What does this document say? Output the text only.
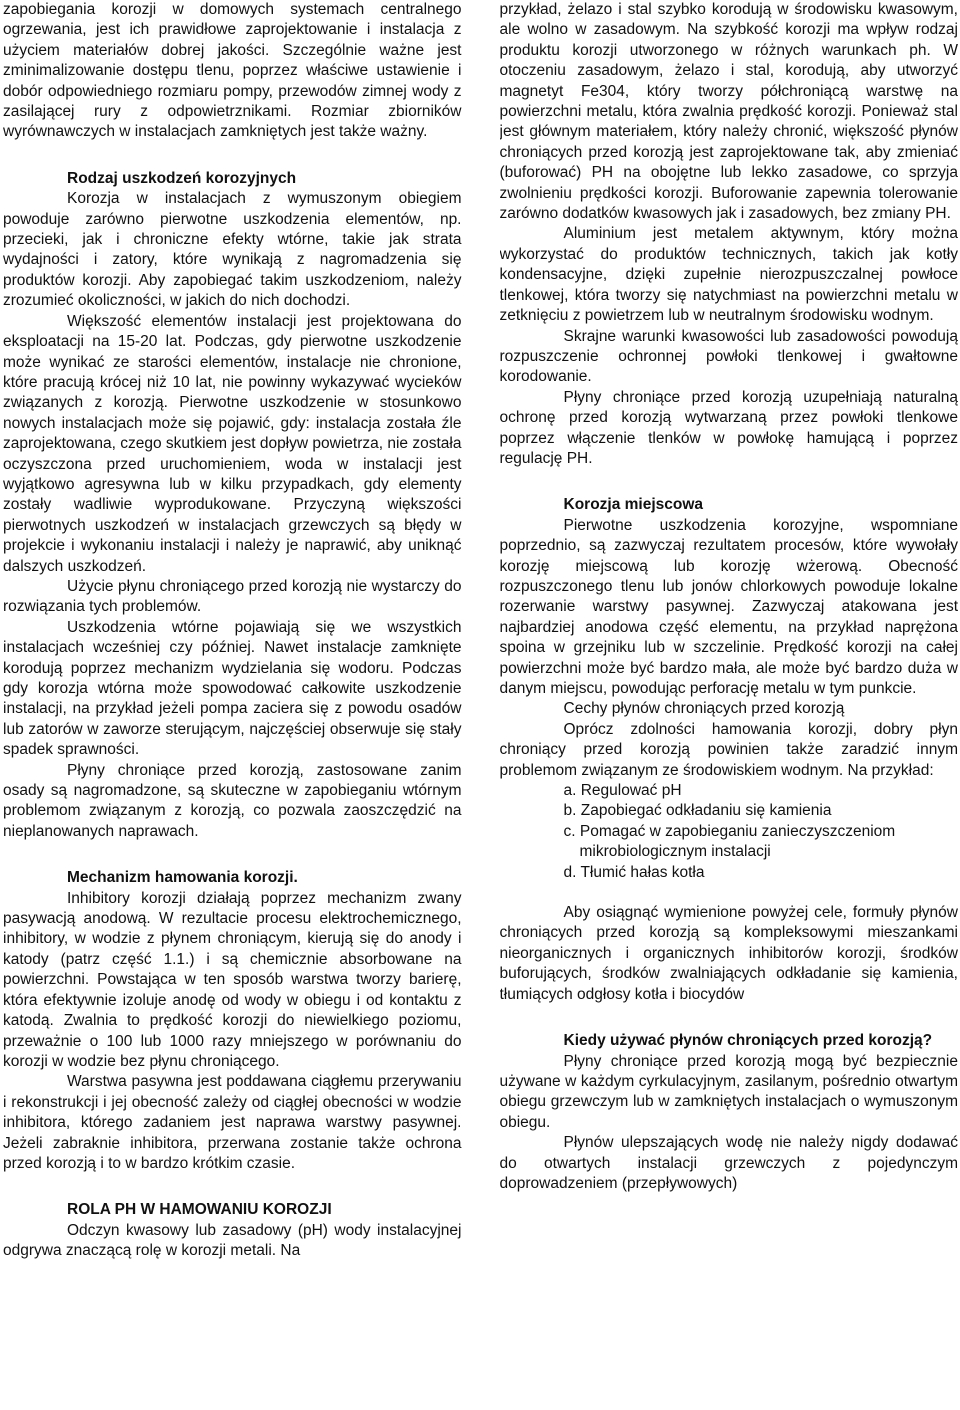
zapobiegania korozji w domowych systemach centralnego ogrzewania, jest ich prawidłowe zaprojektowanie i instalacja z użyciem materiałów dobrej jakości. Szczególnie ważne jest zminimalizowanie dostępu tlenu, poprzez właściwe ustawienie i dobór odpowiedniego rozmiaru pompy, przewodów zimnej wody z zasilającej rury z odpowietrznikami. Rozmiar zbiorników wyrównawczych w instalacjach zamkniętych jest także ważny.

Rodzaj uszkodzeń korozyjnych

Korozja w instalacjach z wymuszonym obiegiem powoduje zarówno pierwotne uszkodzenia elementów, np. przecieki, jak i chroniczne efekty wtórne, takie jak strata wydajności i zatory, które wynikają z nagromadzenia się produktów korozji. Aby zapobiegać takim uszkodzeniom, należy zrozumieć okoliczności, w jakich do nich dochodzi.

Większość elementów instalacji jest projektowana do eksploatacji na 15-20 lat. Podczas, gdy pierwotne uszkodzenie może wynikać ze starości elementów, instalacje nie chronione, które pracują krócej niż 10 lat, nie powinny wykazywać wycieków związanych z korozją. Pierwotne uszkodzenie w stosunkowo nowych instalacjach może się pojawić, gdy: instalacja została źle zaprojektowana, czego skutkiem jest dopływ powietrza, nie została oczyszczona przed uruchomieniem, woda w instalacji jest wyjątkowo agresywna lub w kilku przypadkach, gdy elementy zostały wadliwie wyprodukowane. Przyczyną większości pierwotnych uszkodzeń w instalacjach grzewczych są błędy w projekcie i wykonaniu instalacji i należy je naprawić, aby uniknąć dalszych uszkodzeń.

Użycie płynu chroniącego przed korozją nie wystarczy do rozwiązania tych problemów.

Uszkodzenia wtórne pojawiają się we wszystkich instalacjach wcześniej czy później. Nawet instalacje zamknięte korodują poprzez mechanizm wydzielania się wodoru. Podczas gdy korozja wtórna może spowodować całkowite uszkodzenie instalacji, na przykład jeżeli pompa zaciera się z powodu osadów lub zatorów w zaworze sterującym, najczęściej obserwuje się stały spadek sprawności.

Płyny chroniące przed korozją, zastosowane zanim osady są nagromadzone, są skuteczne w zapobieganiu wtórnym problemom związanym z korozją, co pozwala zaoszczędzić na nieplanowanych naprawach.

Mechanizm hamowania korozji.

Inhibitory korozji działają poprzez mechanizm zwany pasywacją anodową. W rezultacie procesu elektrochemicznego, inhibitory, w wodzie z płynem chroniącym, kierują się do anody i katody (patrz część 1.1.) i są chemicznie absorbowane na powierzchni. Powstająca w ten sposób warstwa tworzy barierę, która efektywnie izoluje anodę od wody w obiegu i od kontaktu z katodą. Zwalnia to prędkość korozji do niewielkiego poziomu, przeważnie o 100 lub 1000 razy mniejszego w porównaniu do korozji w wodzie bez płynu chroniącego.

Warstwa pasywna jest poddawana ciągłemu przerywaniu i rekonstrukcji i jej obecność zależy od ciągłej obecności w wodzie inhibitora, którego zadaniem jest naprawa warstwy pasywnej. Jeżeli zabraknie inhibitora, przerwana zostanie także ochrona przed korozją i to w bardzo krótkim czasie.

ROLA PH W HAMOWANIU KOROZJI

Odczyn kwasowy lub zasadowy (pH) wody instalacyjnej odgrywa znaczącą rolę w korozji metali. Na

przykład, żelazo i stal szybko korodują w środowisku kwasowym, ale wolno w zasadowym. Na szybkość korozji ma wpływ rodzaj produktu korozji utworzonego w różnych warunkach ph. W otoczeniu zasadowym, żelazo i stal, korodują, aby utworzyć magnetyt Fe304, który tworzy półchroniącą warstwę na powierzchni metalu, która zwalnia prędkość korozji. Ponieważ stal jest głównym materiałem, który należy chronić, większość płynów chroniących przed korozją jest zaprojektowane tak, aby zmieniać (buforować) PH na obojętne lub lekko zasadowe, co sprzyja zwolnieniu prędkości korozji. Buforowanie zapewnia tolerowanie zarówno dodatków kwasowych jak i zasadowych, bez zmiany PH.

Aluminium jest metalem aktywnym, który można wykorzystać do produktów technicznych, takich jak kotły kondensacyjne, dzięki zupełnie nierozpuszczalnej powłoce tlenkowej, która tworzy się natychmiast na powierzchni metalu w zetknięciu z powietrzem lub w neutralnym środowisku wodnym.

Skrajne warunki kwasowości lub zasadowości powodują rozpuszczenie ochronnej powłoki tlenkowej i gwałtowne korodowanie.

Płyny chroniące przed korozją uzupełniają naturalną ochronę przed korozją wytwarzaną przez powłoki tlenkowe poprzez włączenie tlenków w powłokę hamującą i poprzez regulację PH.

Korozja miejscowa

Pierwotne uszkodzenia korozyjne, wspomniane poprzednio, są zazwyczaj rezultatem procesów, które wywołały korozję miejscową lub korozję wżerową. Obecność rozpuszczonego tlenu lub jonów chlorkowych powoduje lokalne rozerwanie warstwy pasywnej. Zazwyczaj atakowana jest najbardziej anodowa część elementu, na przykład naprężona spoina w grzejniku lub w szczelinie. Prędkość korozji na całej powierzchni może być bardzo mała, ale może być bardzo duża w danym miejscu, powodując perforację metalu w tym punkcie.

Cechy płynów chroniących przed korozją

Oprócz zdolności hamowania korozji, dobry płyn chroniący przed korozją powinien także zaradzić innym problemom związanym ze środowiskiem wodnym. Na przykład:

a. Regulować pH
b. Zapobiegać odkładaniu się kamienia
c. Pomagać w zapobieganiu zanieczyszczeniom
mikrobiologicznym instalacji
d. Tłumić hałas kotła

Aby osiągnąć wymienione powyżej cele, formuły płynów chroniących przed korozją są kompleksowymi mieszankami nieorganicznych i organicznych inhibitorów korozji, środków buforujących, środków zwalniających odkładanie się kamienia, tłumiących odgłosy kotła i biocydów

Kiedy używać płynów chroniących przed korozją?

Płyny chroniące przed korozją mogą być bezpiecznie używane w każdym cyrkulacyjnym, zasilanym, pośrednio otwartym obiegu grzewczym lub w zamkniętych instalacjach o wymuszonym obiegu.

Płynów ulepszających wodę nie należy nigdy dodawać do otwartych instalacji grzewczych z pojedynczym doprowadzeniem (przepływowych)
